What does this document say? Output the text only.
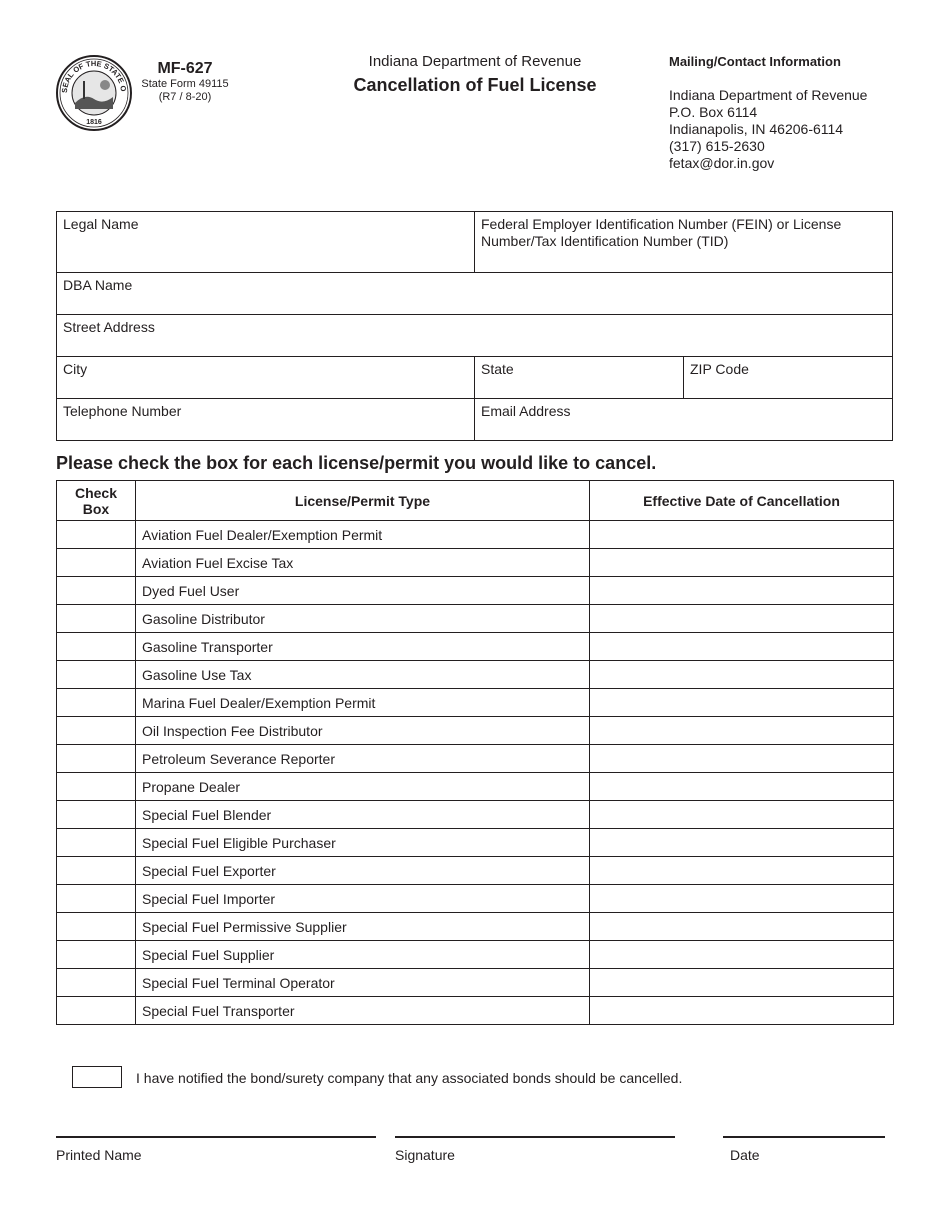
SEAL OF THE STATE O
1816
MF-627
State Form 49115
(R7 / 8-20)
Indiana Department of Revenue
Cancellation of Fuel License
Mailing/Contact Information
Indiana Department of Revenue
P.O. Box 6114
Indianapolis, IN 46206-6114
(317) 615-2630
fetax@dor.in.gov
Legal Name	Federal Employer Identification Number (FEIN) or License Number/Tax Identification Number (TID)
DBA Name
Street Address
City	State	ZIP Code
Telephone Number	Email Address
Please check the box for each license/permit you would like to cancel.
Check Box	License/Permit Type	Effective Date of Cancellation
	Aviation Fuel Dealer/Exemption Permit	
	Aviation Fuel Excise Tax	
	Dyed Fuel User	
	Gasoline Distributor	
	Gasoline Transporter	
	Gasoline Use Tax	
	Marina Fuel Dealer/Exemption Permit	
	Oil Inspection Fee Distributor	
	Petroleum Severance Reporter	
	Propane Dealer	
	Special Fuel Blender	
	Special Fuel Eligible Purchaser	
	Special Fuel Exporter	
	Special Fuel Importer	
	Special Fuel Permissive Supplier	
	Special Fuel Supplier	
	Special Fuel Terminal Operator	
	Special Fuel Transporter	
I have notified the bond/surety company that any associated bonds should be cancelled.
Printed Name	Signature	Date
